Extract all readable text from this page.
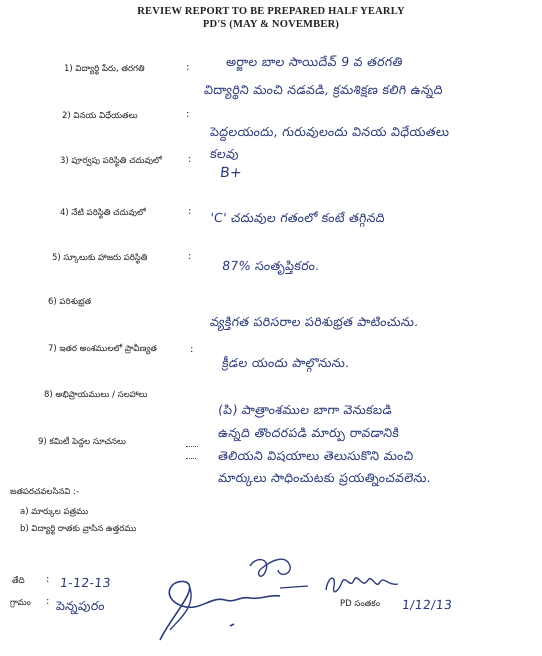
REVIEW REPORT TO BE PREPARED HALF YEARLY
PD'S (MAY & NOVEMBER)
1) విద్యార్థి పేరు, తరగతి	:	అర్జాల బాల సాయిదేవ్ 9 వ తరగతి
విద్యార్థిని మంచి నడవడి, క్రమశిక్షణ కలిగి ఉన్నది
2) వినయ విధేయతలు	:
పెద్దలయందు, గురువులందు వినయ విధేయతలు
కలవు
3) పూర్వపు పరిస్థితి చదువులో	:
B+
4) నేటి పరిస్థితి చదువులో	: 'C' చదువుల గతంలో కంటే తగ్గినది
5) స్కూలుకు హాజరు పరిస్థితి	:
87% సంతృప్తికరం.
6) పరిశుభ్రత
వ్యక్తిగత పరిసరాల పరిశుభ్రత పాటించును.
7) ఇతర అంశములలో ప్రావీణ్యత	:
క్రీడల యందు పాల్గొనును.
8) అభిప్రాయములు / సలహాలు
(పి) పాత్రాంశముల బాగా వెనుకబడి
ఉన్నది తొందరపడి మార్పు రావడానికి
తెలియని విషయాలు తెలుసుకొని మంచి
మార్కులు సాధించుటకు ప్రయత్నించవలెను.
9) కమిటీ పెద్దల సూచనలు
జతపరచవలసినవి :-
a) మార్కుల పత్రము
b) విద్యార్థి రాతకు వ్రాసిన ఉత్తరము
తేది : 1-12-13
గ్రామం : పెన్నపురం	PD సంతకం 1/12/13
